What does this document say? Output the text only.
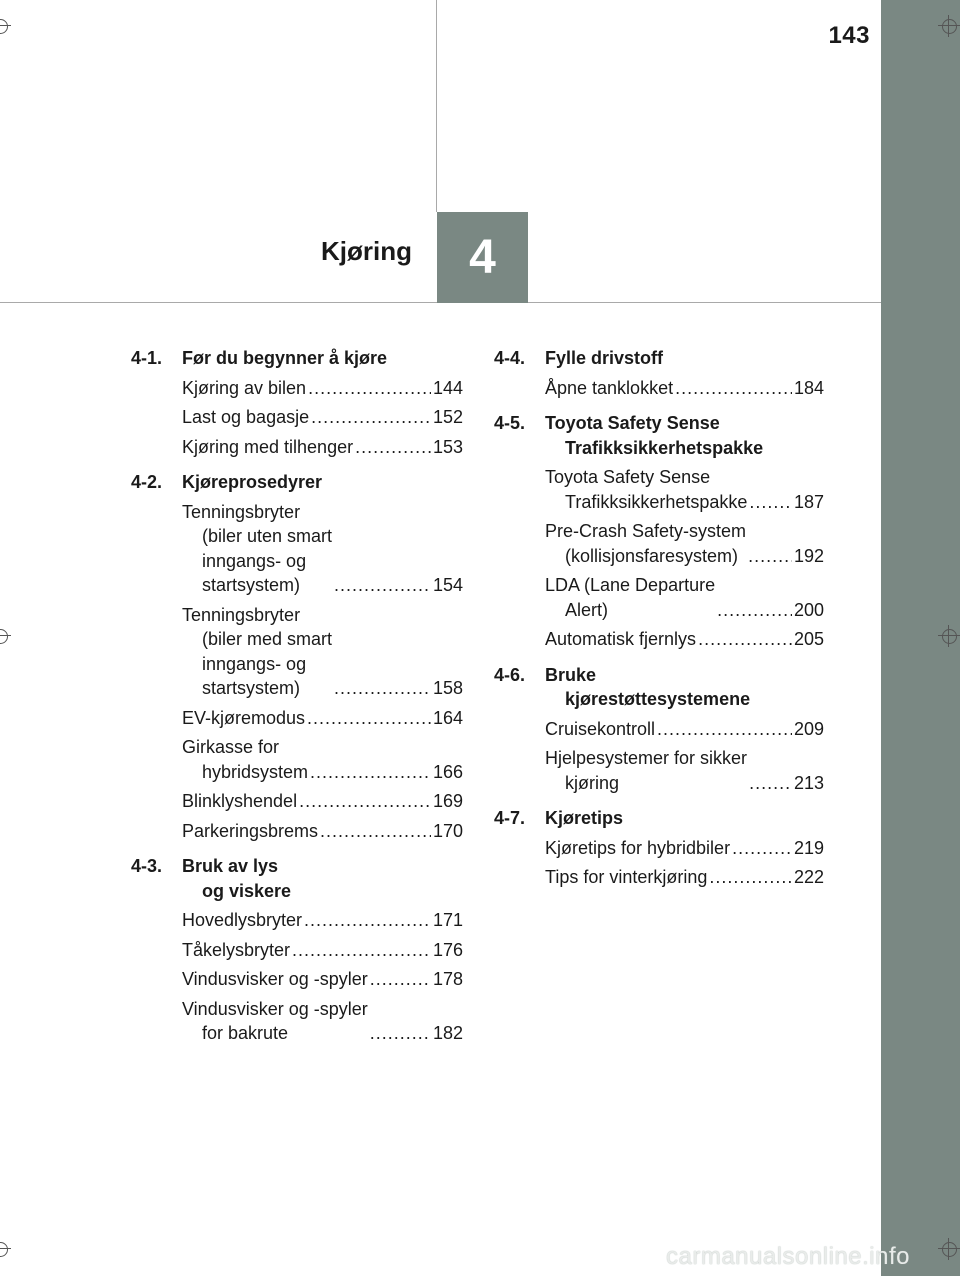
143
Kjøring 4
4-1.	Før du begynner å kjøre
Kjøring av bilen .....	144
Last og bagasje .....	152
Kjøring med tilhenger .....	153
4-2.	Kjøreprosedyrer
Tenningsbryter
(biler uten smart
inngangs- og
startsystem) .....	154
Tenningsbryter
(biler med smart
inngangs- og
startsystem) .....	158
EV-kjøremodus .....	164
Girkasse for
hybridsystem .....	166
Blinklyshendel .....	169
Parkeringsbrems .....	170
4-3.	Bruk av lys
og viskere
Hovedlysbryter .....	171
Tåkelysbryter .....	176
Vindusvisker og -spyler .....	178
Vindusvisker og -spyler
for bakrute .....	182
4-4.	Fylle drivstoff
Åpne tanklokket .....	184
4-5.	Toyota Safety Sense
Trafikksikkerhetspakke
Toyota Safety Sense
Trafikksikkerhetspakke .....	187
Pre-Crash Safety-system
(kollisjonsfaresystem) .....	192
LDA (Lane Departure
Alert) .....	200
Automatisk fjernlys .....	205
4-6.	Bruke
kjørestøttesystemene
Cruisekontroll .....	209
Hjelpesystemer for sikker
kjøring .....	213
4-7.	Kjøretips
Kjøretips for hybridbiler .....	219
Tips for vinterkjøring .....	222
carmanualsonline.info
